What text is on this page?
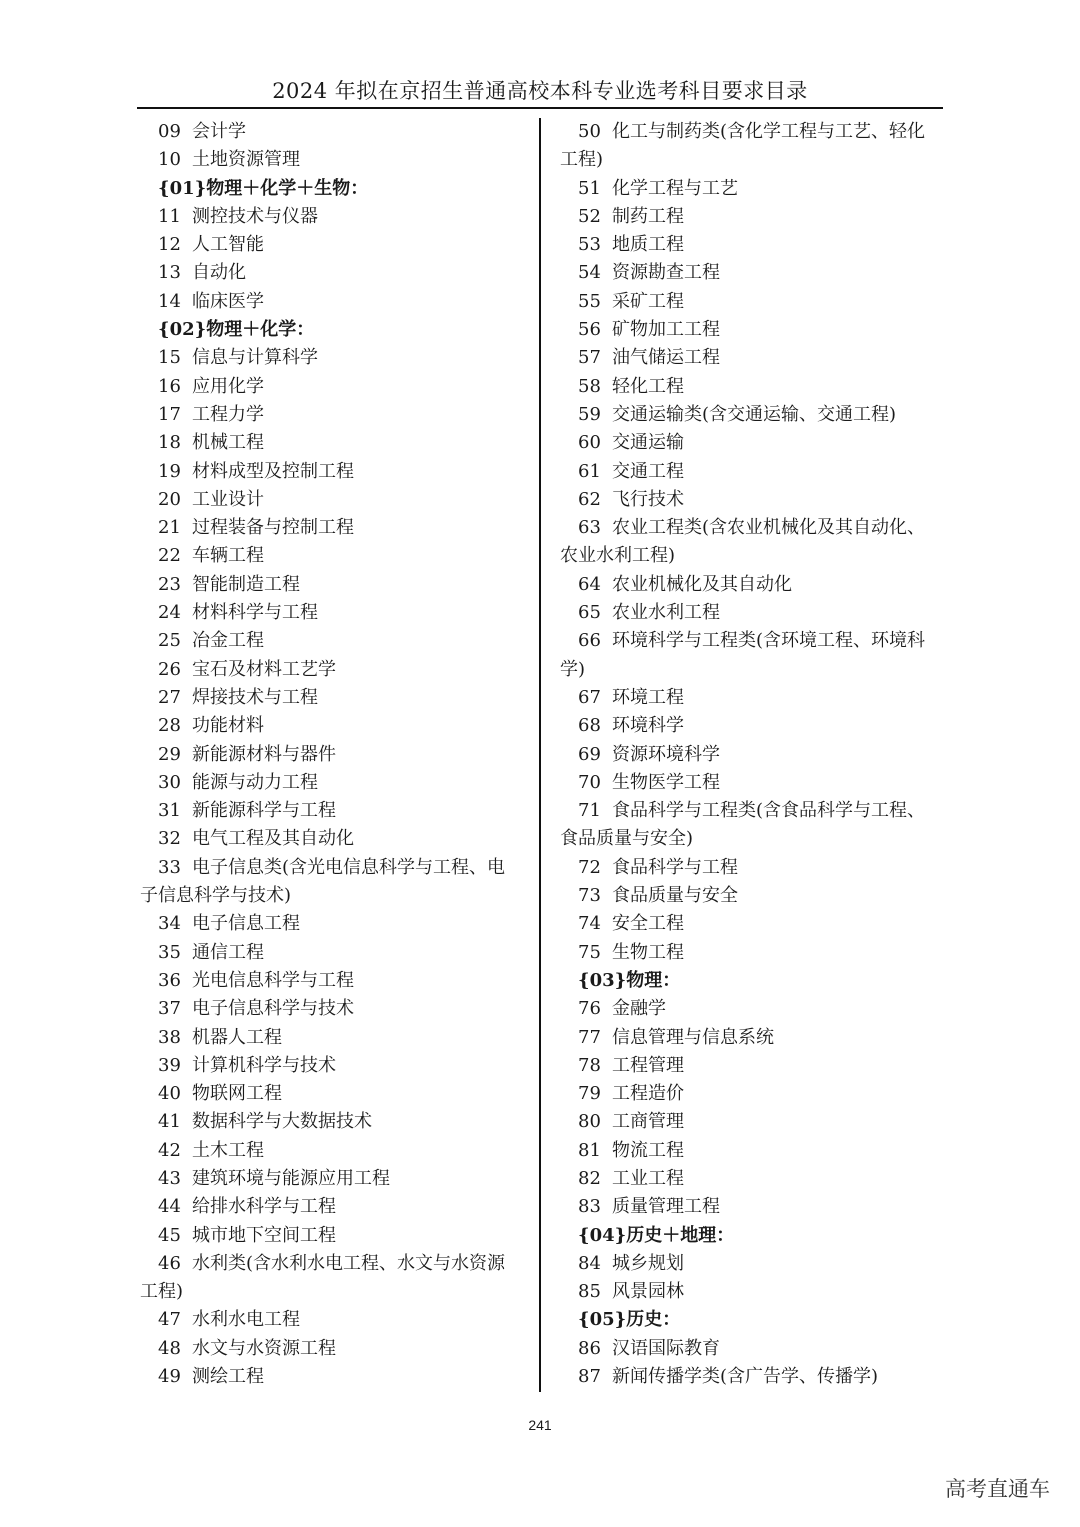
2024 年拟在京招生普通高校本科专业选考科目要求目录
09 会计学
10 土地资源管理
{01}物理＋化学＋生物：
11 测控技术与仪器
12 人工智能
13 自动化
14 临床医学
{02}物理＋化学：
15 信息与计算科学
16 应用化学
17 工程力学
18 机械工程
19 材料成型及控制工程
20 工业设计
21 过程装备与控制工程
22 车辆工程
23 智能制造工程
24 材料科学与工程
25 冶金工程
26 宝石及材料工艺学
27 焊接技术与工程
28 功能材料
29 新能源材料与器件
30 能源与动力工程
31 新能源科学与工程
32 电气工程及其自动化
33 电子信息类(含光电信息科学与工程、电
子信息科学与技术)
34 电子信息工程
35 通信工程
36 光电信息科学与工程
37 电子信息科学与技术
38 机器人工程
39 计算机科学与技术
40 物联网工程
41 数据科学与大数据技术
42 土木工程
43 建筑环境与能源应用工程
44 给排水科学与工程
45 城市地下空间工程
46 水利类(含水利水电工程、水文与水资源
工程)
47 水利水电工程
48 水文与水资源工程
49 测绘工程
50 化工与制药类(含化学工程与工艺、轻化
工程)
51 化学工程与工艺
52 制药工程
53 地质工程
54 资源勘查工程
55 采矿工程
56 矿物加工工程
57 油气储运工程
58 轻化工程
59 交通运输类(含交通运输、交通工程)
60 交通运输
61 交通工程
62 飞行技术
63 农业工程类(含农业机械化及其自动化、
农业水利工程)
64 农业机械化及其自动化
65 农业水利工程
66 环境科学与工程类(含环境工程、环境科
学)
67 环境工程
68 环境科学
69 资源环境科学
70 生物医学工程
71 食品科学与工程类(含食品科学与工程、
食品质量与安全)
72 食品科学与工程
73 食品质量与安全
74 安全工程
75 生物工程
{03}物理：
76 金融学
77 信息管理与信息系统
78 工程管理
79 工程造价
80 工商管理
81 物流工程
82 工业工程
83 质量管理工程
{04}历史＋地理：
84 城乡规划
85 风景园林
{05}历史：
86 汉语国际教育
87 新闻传播学类(含广告学、传播学)
241
高考直通车
